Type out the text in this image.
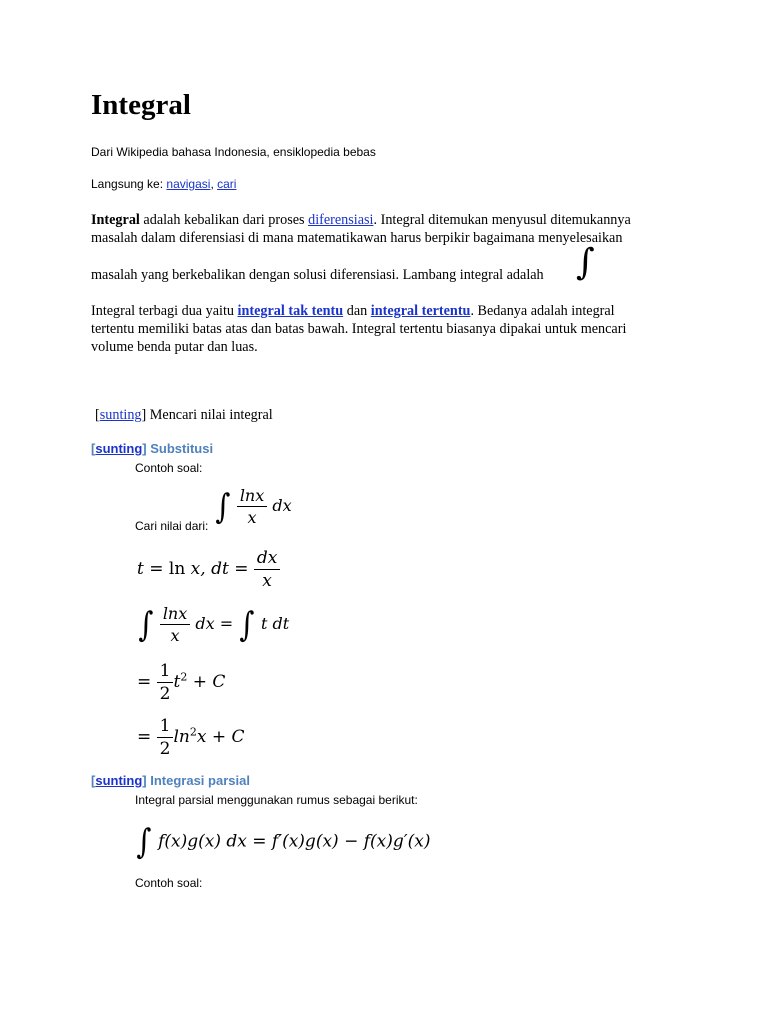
Integral
Dari Wikipedia bahasa Indonesia, ensiklopedia bebas
Langsung ke: navigasi, cari
Integral adalah kebalikan dari proses diferensiasi. Integral ditemukan menyusul ditemukannya
masalah dalam diferensiasi di mana matematikawan harus berpikir bagaimana menyelesaikan
masalah yang berkebalikan dengan solusi diferensiasi. Lambang integral adalah ∫
Integral terbagi dua yaitu integral tak tentu dan integral tertentu. Bedanya adalah integral
tertentu memiliki batas atas dan batas bawah. Integral tertentu biasanya dipakai untuk mencari
volume benda putar dan luas.
[sunting] Mencari nilai integral
[sunting] Substitusi
Contoh soal:
Cari nilai dari: ∫ $\frac{\ln x}{x}$ dx
t = ln x, dt = $\frac{dx}{x}$
∫ $\frac{\ln x}{x}$ dx = ∫ t dt
= $\frac{1}{2} t^2 + C$
= $\frac{1}{2} \ln^2x + C$
[sunting] Integrasi parsial
Integral parsial menggunakan rumus sebagai berikut:
∫ f(x)g(x) dx = f′(x)g(x) − f(x)g′(x)
Contoh soal:
